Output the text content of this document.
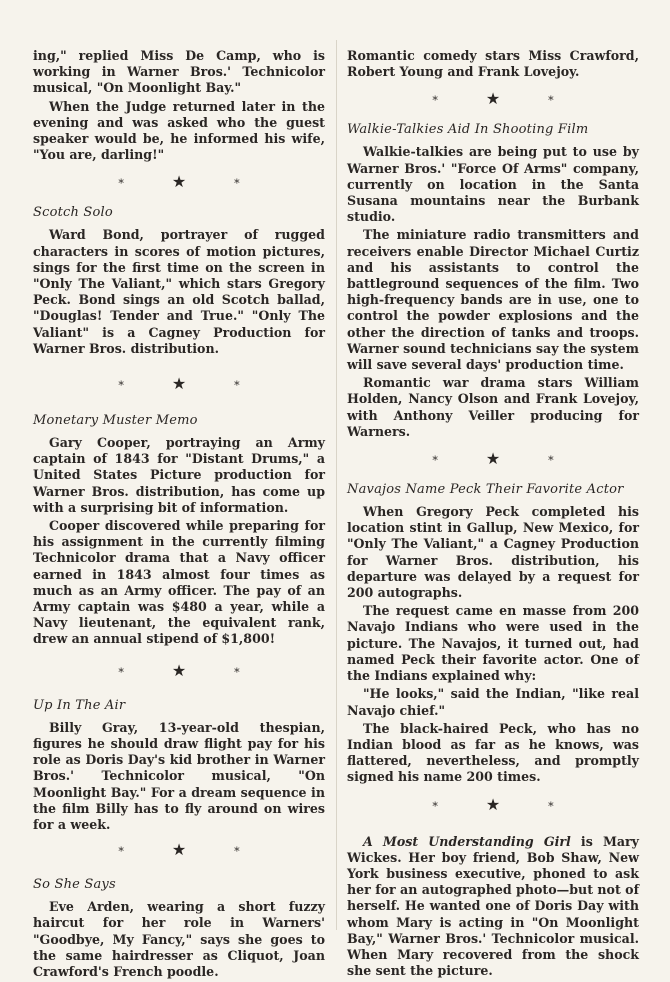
ing," replied Miss De Camp, who is working in Warner Bros.' Technicolor musical, "On Moonlight Bay."

When the Judge returned later in the evening and was asked who the guest speaker would be, he informed his wife, "You are, darling!"

*	★	*
Scotch Solo

Ward Bond, portrayer of rugged characters in scores of motion pictures, sings for the first time on the screen in "Only The Valiant," which stars Gregory Peck. Bond sings an old Scotch ballad, "Douglas! Tender and True." "Only The Valiant" is a Cagney Production for Warner Bros. distribution.

*	★	*
Monetary Muster Memo

Gary Cooper, portraying an Army captain of 1843 for "Distant Drums," a United States Picture production for Warner Bros. distribution, has come up with a surprising bit of information.

Cooper discovered while preparing for his assignment in the currently filming Technicolor drama that a Navy officer earned in 1843 almost four times as much as an Army officer. The pay of an Army captain was $480 a year, while a Navy lieutenant, the equivalent rank, drew an annual stipend of $1,800!

*	★	*
Up In The Air

Billy Gray, 13-year-old thespian, figures he should draw flight pay for his role as Doris Day's kid brother in Warner Bros.' Technicolor musical, "On Moonlight Bay." For a dream sequence in the film Billy has to fly around on wires for a week.

*	★	*
So She Says

Eve Arden, wearing a short fuzzy haircut for her role in Warners' "Goodbye, My Fancy," says she goes to the same hairdresser as Cliquot, Joan Crawford's French poodle.

Romantic comedy stars Miss Crawford, Robert Young and Frank Lovejoy.

*	★	*
Walkie-Talkies Aid In Shooting Film

Walkie-talkies are being put to use by Warner Bros.' "Force Of Arms" company, currently on location in the Santa Susana mountains near the Burbank studio.

The miniature radio transmitters and receivers enable Director Michael Curtiz and his assistants to control the battleground sequences of the film. Two high-frequency bands are in use, one to control the powder explosions and the other the direction of tanks and troops. Warner sound technicians say the system will save several days' production time.

Romantic war drama stars William Holden, Nancy Olson and Frank Lovejoy, with Anthony Veiller producing for Warners.

*	★	*
Navajos Name Peck Their Favorite Actor

When Gregory Peck completed his location stint in Gallup, New Mexico, for "Only The Valiant," a Cagney Production for Warner Bros. distribution, his departure was delayed by a request for 200 autographs.

The request came en masse from 200 Navajo Indians who were used in the picture. The Navajos, it turned out, had named Peck their favorite actor. One of the Indians explained why:

"He looks," said the Indian, "like real Navajo chief."

The black-haired Peck, who has no Indian blood as far as he knows, was flattered, nevertheless, and promptly signed his name 200 times.

*	★	*

A Most Understanding Girl is Mary Wickes. Her boy friend, Bob Shaw, New York business executive, phoned to ask her for an autographed photo—but not of herself. He wanted one of Doris Day with whom Mary is acting in "On Moonlight Bay," Warner Bros.' Technicolor musical. When Mary recovered from the shock she sent the picture.
